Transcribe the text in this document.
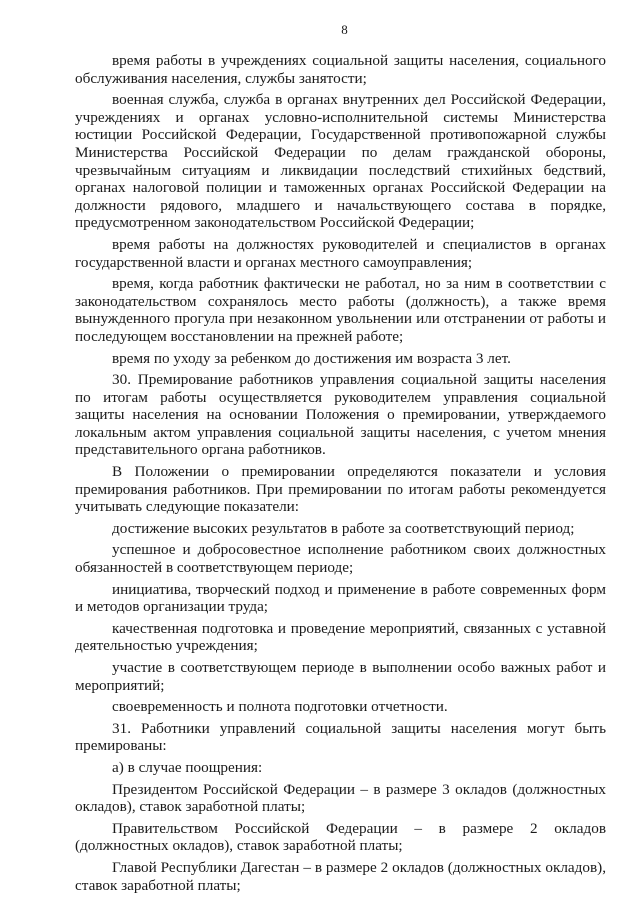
8

время работы в учреждениях социальной защиты населения, социального обслуживания населения, службы занятости;

военная служба, служба в органах внутренних дел Российской Федерации, учреждениях и органах условно-исполнительной системы Министерства юстиции Российской Федерации, Государственной противопожарной службы Министерства Российской Федерации по делам гражданской обороны, чрезвычайным ситуациям и ликвидации последствий стихийных бедствий, органах налоговой полиции и таможенных органах Российской Федерации на должности рядового, младшего и начальствующего состава в порядке, предусмотренном законодательством Российской Федерации;

время работы на должностях руководителей и специалистов в органах государственной власти и органах местного самоуправления;

время, когда работник фактически не работал, но за ним в соответствии с законодательством сохранялось место работы (должность), а также время вынужденного прогула при незаконном увольнении или отстранении от работы и последующем восстановлении на прежней работе;

время по уходу за ребенком до достижения им возраста 3 лет.

30. Премирование работников управления социальной защиты населения по итогам работы осуществляется руководителем управления социальной защиты населения на основании Положения о премировании, утверждаемого локальным актом управления социальной защиты населения, с учетом мнения представительного органа работников.

В Положении о премировании определяются показатели и условия премирования работников. При премировании по итогам работы рекомендуется учитывать следующие показатели:

достижение высоких результатов в работе за соответствующий период;

успешное и добросовестное исполнение работником своих должностных обязанностей в соответствующем периоде;

инициатива, творческий подход и применение в работе современных форм и методов организации труда;

качественная подготовка и проведение мероприятий, связанных с уставной деятельностью учреждения;

участие в соответствующем периоде в выполнении особо важных работ и мероприятий;

своевременность и полнота подготовки отчетности.

31. Работники управлений социальной защиты населения могут быть премированы:

а) в случае поощрения:

Президентом Российской Федерации – в размере 3 окладов (должностных окладов), ставок заработной платы;

Правительством Российской Федерации – в размере 2 окладов (должностных окладов), ставок заработной платы;

Главой Республики Дагестан – в размере 2 окладов (должностных окладов), ставок заработной платы;
